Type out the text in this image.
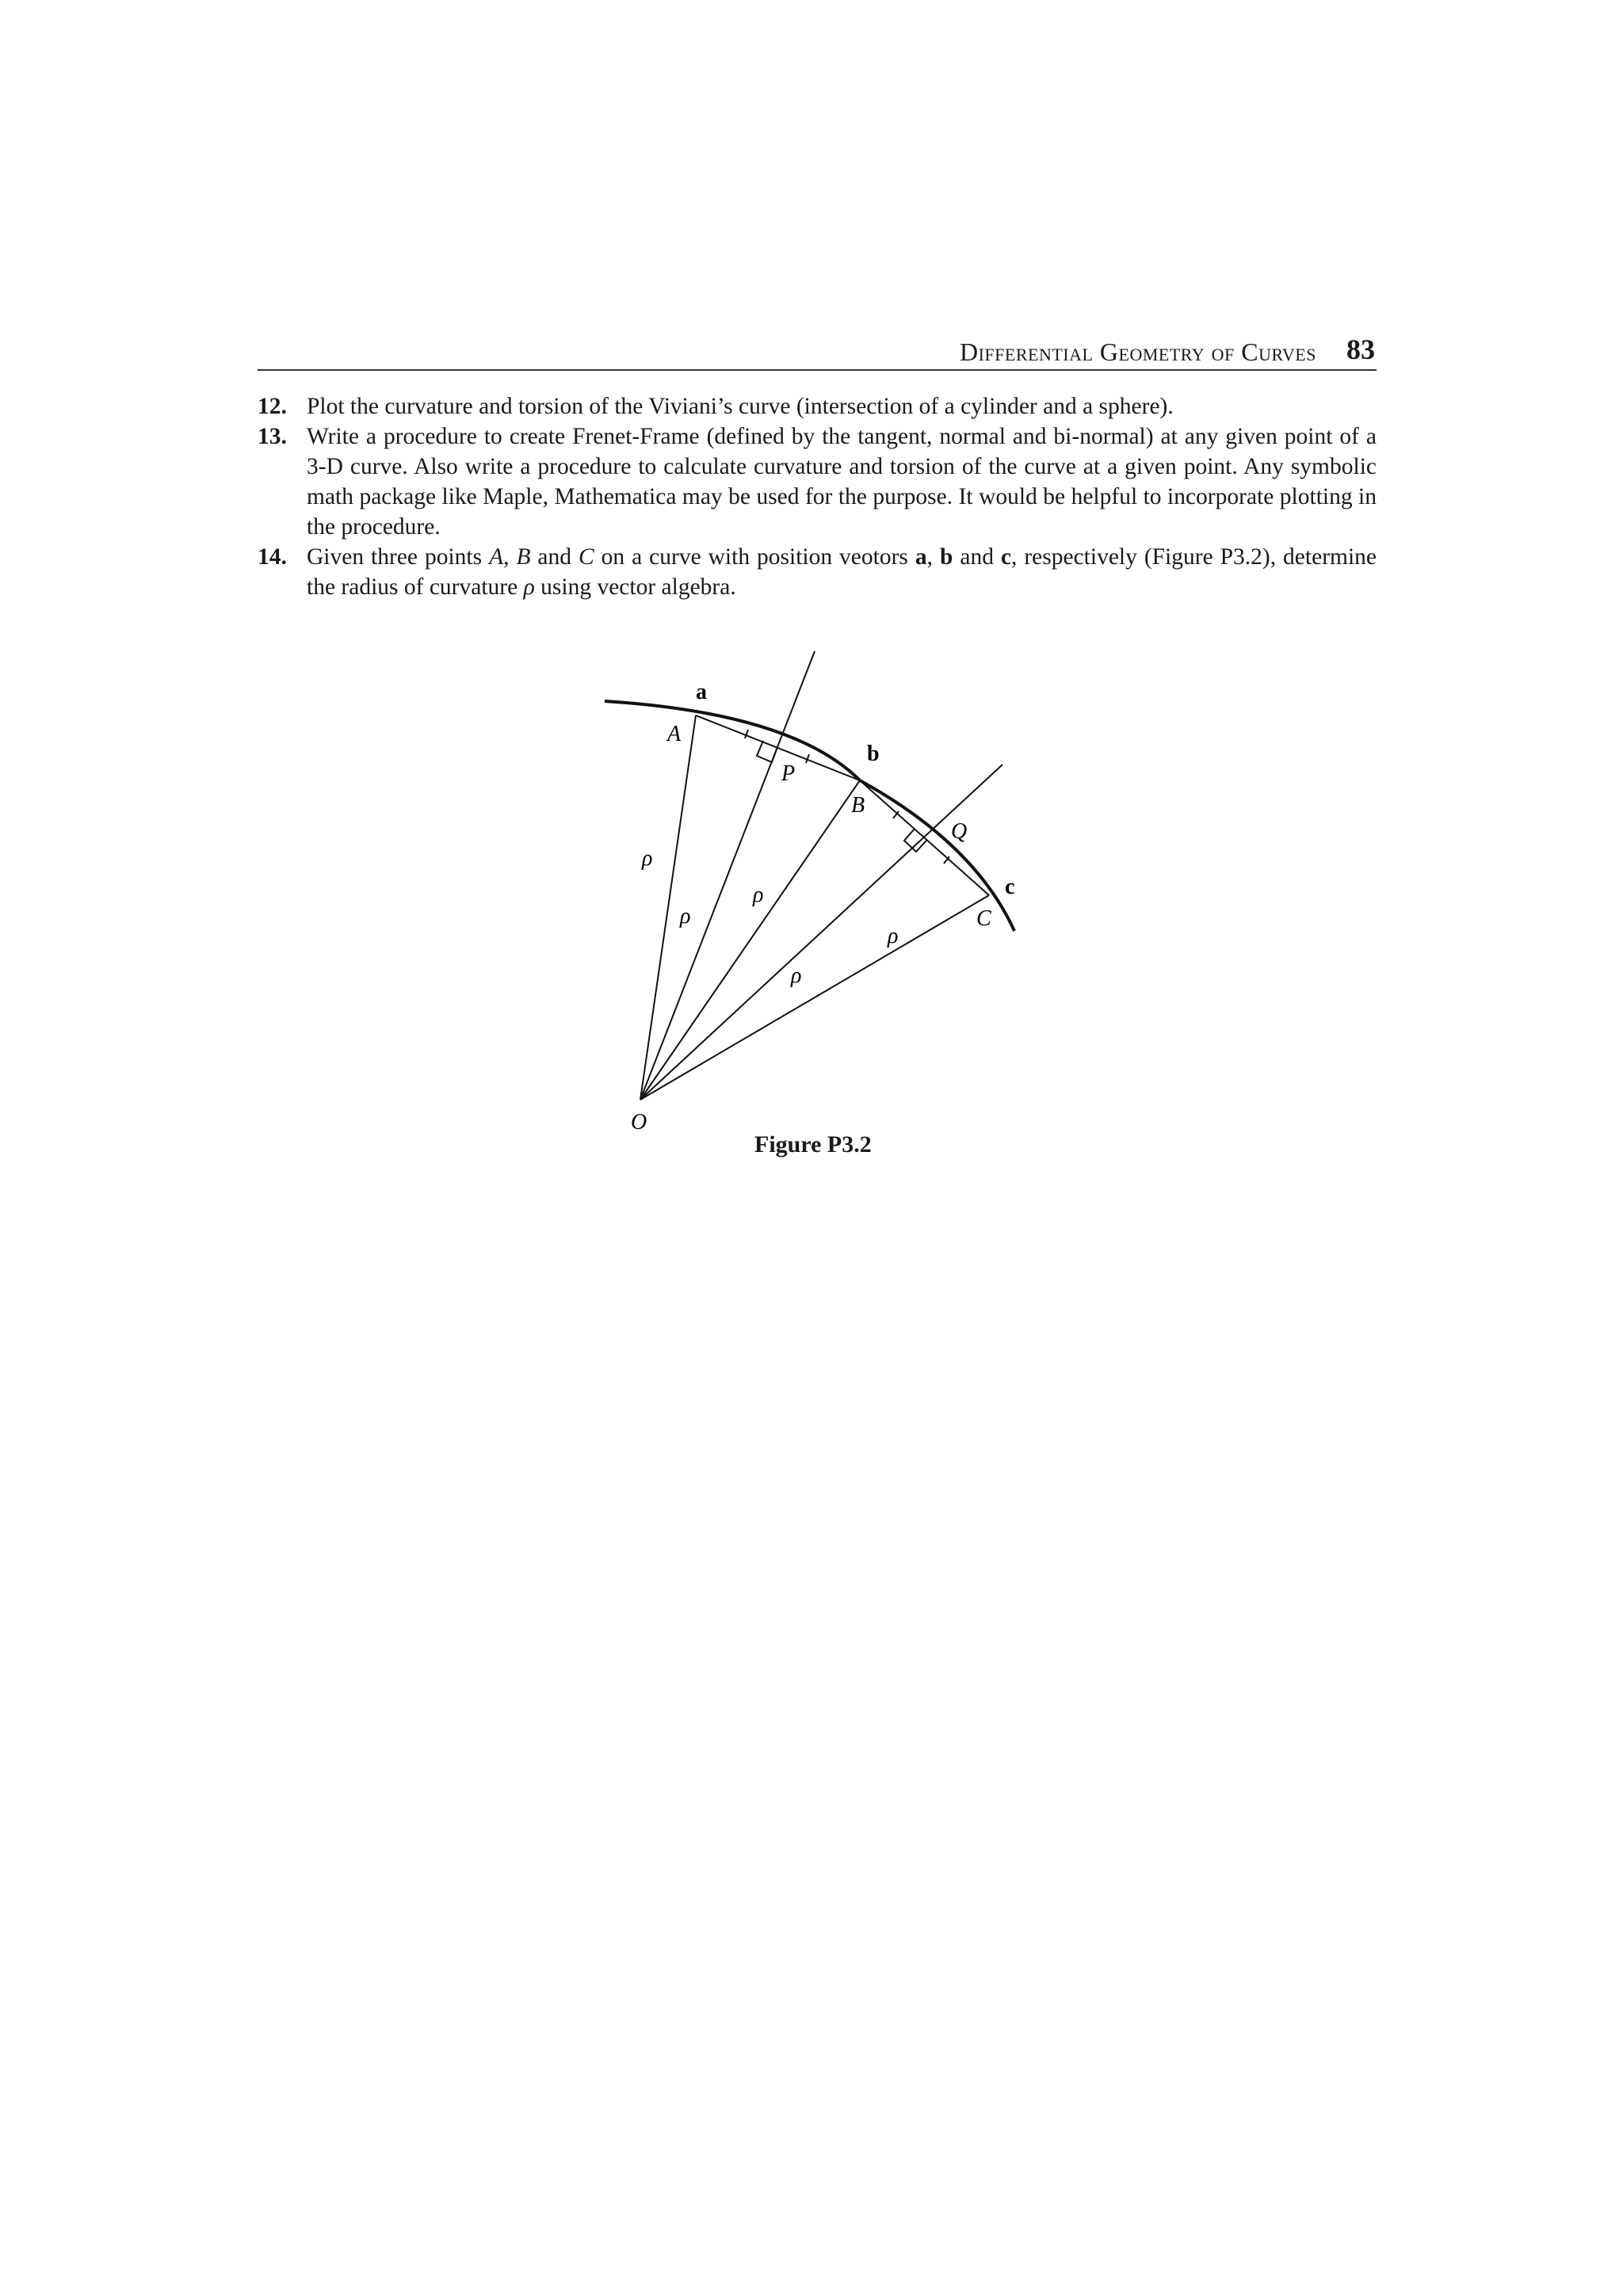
Differential Geometry of Curves 83
12. Plot the curvature and torsion of the Viviani’s curve (intersection of a cylinder and a sphere).
13. Write a procedure to create Frenet-Frame (defined by the tangent, normal and bi-normal) at any given point of a 3-D curve. Also write a procedure to calculate curvature and torsion of the curve at a given point. Any symbolic math package like Maple, Mathematica may be used for the purpose. It would be helpful to incorporate plotting in the procedure.
14. Given three points A, B and C on a curve with position veotors a, b and c, respectively (Figure P3.2), determine the radius of curvature ρ using vector algebra.
a
b
c
A
B
C
P
Q
O
ρ
ρ
ρ
ρ
ρ
Figure P3.2
